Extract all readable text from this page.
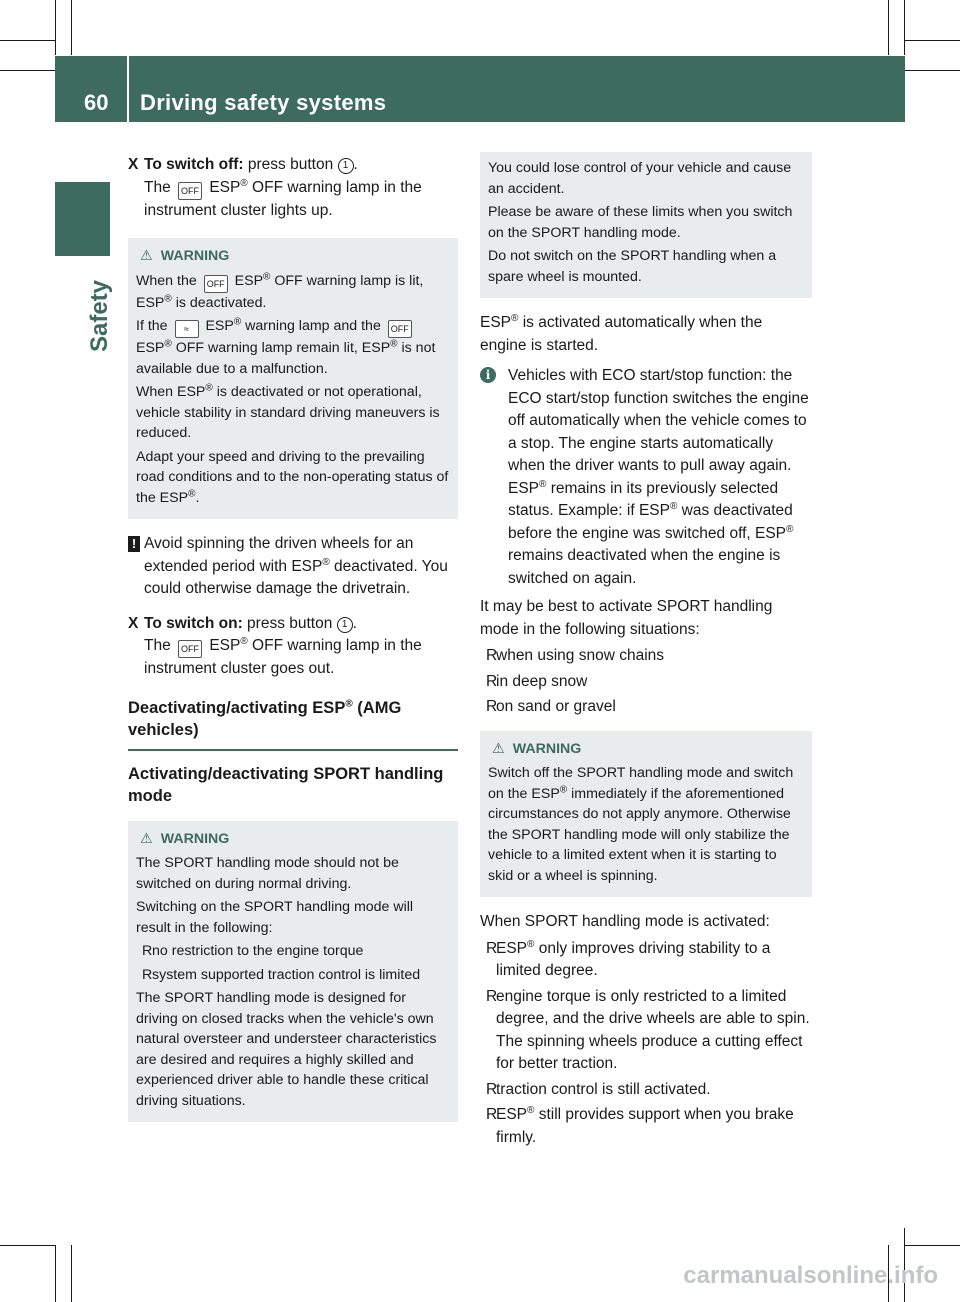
60 Driving safety systems
Safety
X To switch off: press button 1 .

The OFF ESP® OFF warning lamp in the instrument cluster lights up.

⚠ WARNING

When the OFF ESP® OFF warning lamp is lit, ESP® is deactivated.

If the ≈ ESP® warning lamp and the OFF ESP® OFF warning lamp remain lit, ESP® is not available due to a malfunction.

When ESP® is deactivated or not operational, vehicle stability in standard driving maneuvers is reduced.

Adapt your speed and driving to the prevailing road conditions and to the non-operating status of the ESP®.

! Avoid spinning the driven wheels for an extended period with ESP® deactivated. You could otherwise damage the drivetrain.

X To switch on: press button 1 .

The OFF ESP® OFF warning lamp in the instrument cluster goes out.

Deactivating/activating ESP® (AMG vehicles)
Activating/deactivating SPORT handling mode
⚠ WARNING

The SPORT handling mode should not be switched on during normal driving.

Switching on the SPORT handling mode will result in the following:

R no restriction to the engine torque

R system supported traction control is limited

The SPORT handling mode is designed for driving on closed tracks when the vehicle's own natural oversteer and understeer characteristics are desired and requires a highly skilled and experienced driver able to handle these critical driving situations.

You could lose control of your vehicle and cause an accident.

Please be aware of these limits when you switch on the SPORT handling mode.

Do not switch on the SPORT handling when a spare wheel is mounted.

ESP® is activated automatically when the engine is started.

i	Vehicles with ECO start/stop function: the ECO start/stop function switches the engine off automatically when the vehicle comes to a stop. The engine starts automatically when the driver wants to pull away again. ESP® remains in its previously selected status. Example: if ESP® was deactivated before the engine was switched off, ESP® remains deactivated when the engine is switched on again.

It may be best to activate SPORT handling mode in the following situations:

R

when using snow chains

R

in deep snow

R

on sand or gravel

⚠ WARNING

Switch off the SPORT handling mode and switch on the ESP® immediately if the aforementioned circumstances do not apply anymore. Otherwise the SPORT handling mode will only stabilize the vehicle to a limited extent when it is starting to skid or a wheel is spinning.

When SPORT handling mode is activated:

R

ESP® only improves driving stability to a limited degree.

R

engine torque is only restricted to a limited degree, and the drive wheels are able to spin. The spinning wheels produce a cutting effect for better traction.

R

traction control is still activated.

R

ESP® still provides support when you brake firmly.

carmanualsonline.info
